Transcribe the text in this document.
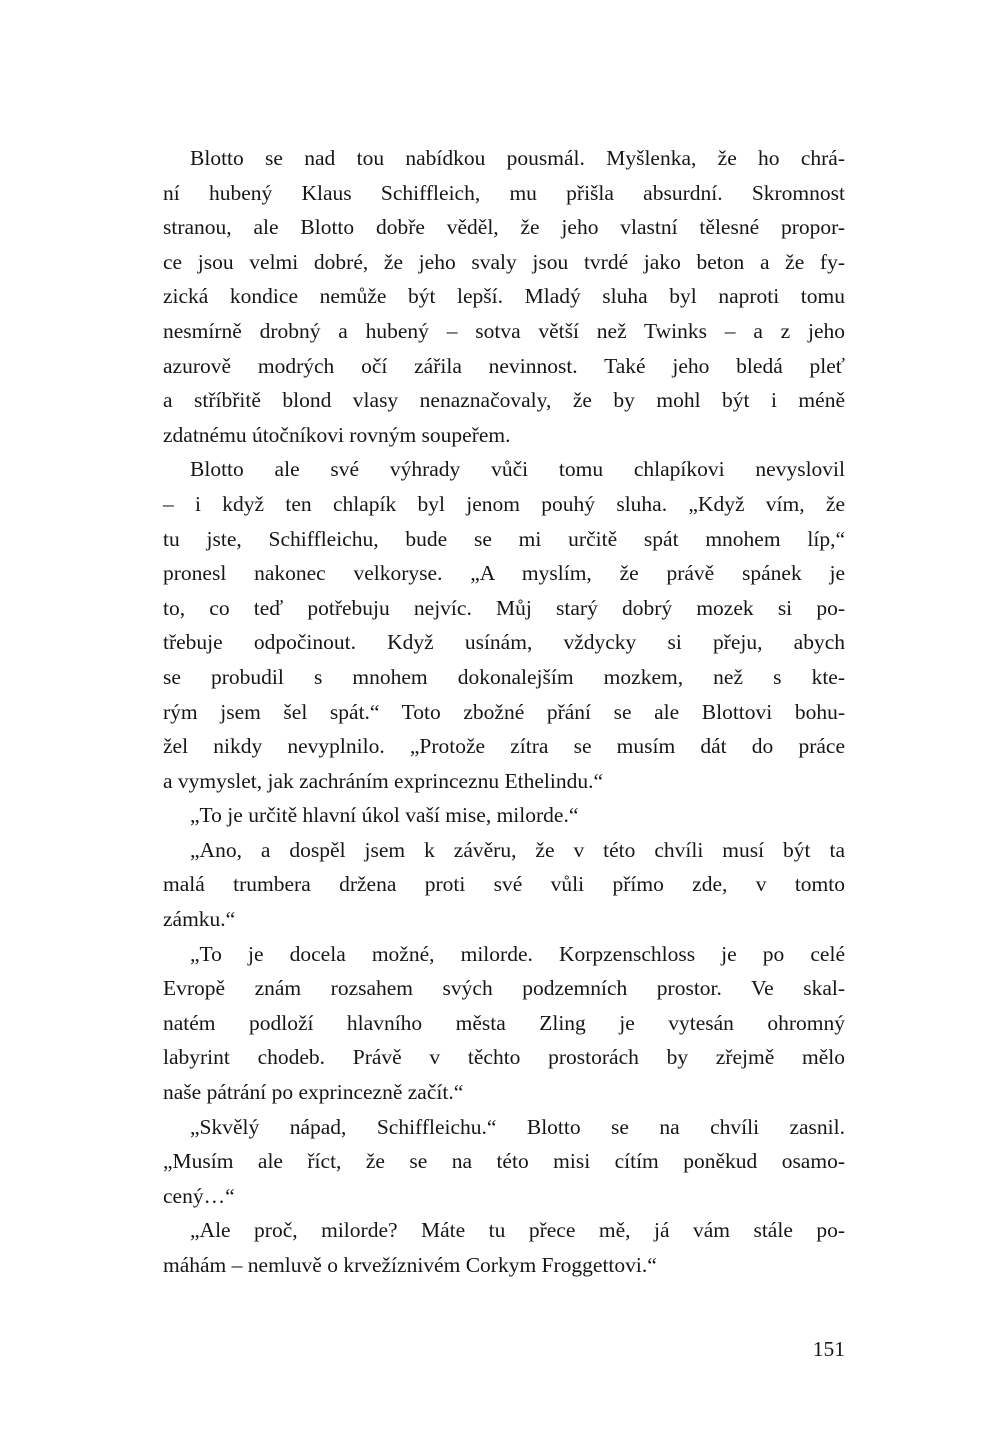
Blotto se nad tou nabídkou pousmál. Myšlenka, že ho chrá-
ní hubený Klaus Schiffleich, mu přišla absurdní. Skromnost
stranou, ale Blotto dobře věděl, že jeho vlastní tělesné propor-
ce jsou velmi dobré, že jeho svaly jsou tvrdé jako beton a že fy-
zická kondice nemůže být lepší. Mladý sluha byl naproti tomu
nesmírně drobný a hubený – sotva větší než Twinks – a z jeho
azurově modrých očí zářila nevinnost. Také jeho bledá pleť
a stříbřitě blond vlasy nenaznačovaly, že by mohl být i méně
zdatnému útočníkovi rovným soupeřem.
Blotto ale své výhrady vůči tomu chlapíkovi nevyslovil
– i když ten chlapík byl jenom pouhý sluha. „Když vím, že
tu jste, Schiffleichu, bude se mi určitě spát mnohem líp,“
pronesl nakonec velkoryse. „A myslím, že právě spánek je
to, co teď potřebuju nejvíc. Můj starý dobrý mozek si po-
třebuje odpočinout. Když usínám, vždycky si přeju, abych
se probudil s mnohem dokonalejším mozkem, než s kte-
rým jsem šel spát.“ Toto zbožné přání se ale Blottovi bohu-
žel nikdy nevyplnilo. „Protože zítra se musím dát do práce
a vymyslet, jak zachráním exprinceznu Ethelindu.“
„To je určitě hlavní úkol vaší mise, milorde.“
„Ano, a dospěl jsem k závěru, že v této chvíli musí být ta
malá trumbera držena proti své vůli přímo zde, v tomto
zámku.“
„To je docela možné, milorde. Korpzenschloss je po celé
Evropě znám rozsahem svých podzemních prostor. Ve skal-
natém podloží hlavního města Zling je vytesán ohromný
labyrint chodeb. Právě v těchto prostorách by zřejmě mělo
naše pátrání po exprincezně začít.“
„Skvělý nápad, Schiffleichu.“ Blotto se na chvíli zasnil.
„Musím ale říct, že se na této misi cítím poněkud osamo-
cený…“
„Ale proč, milorde? Máte tu přece mě, já vám stále po-
máhám – nemluvě o krvežíznivém Corkym Froggettovi.“
151
